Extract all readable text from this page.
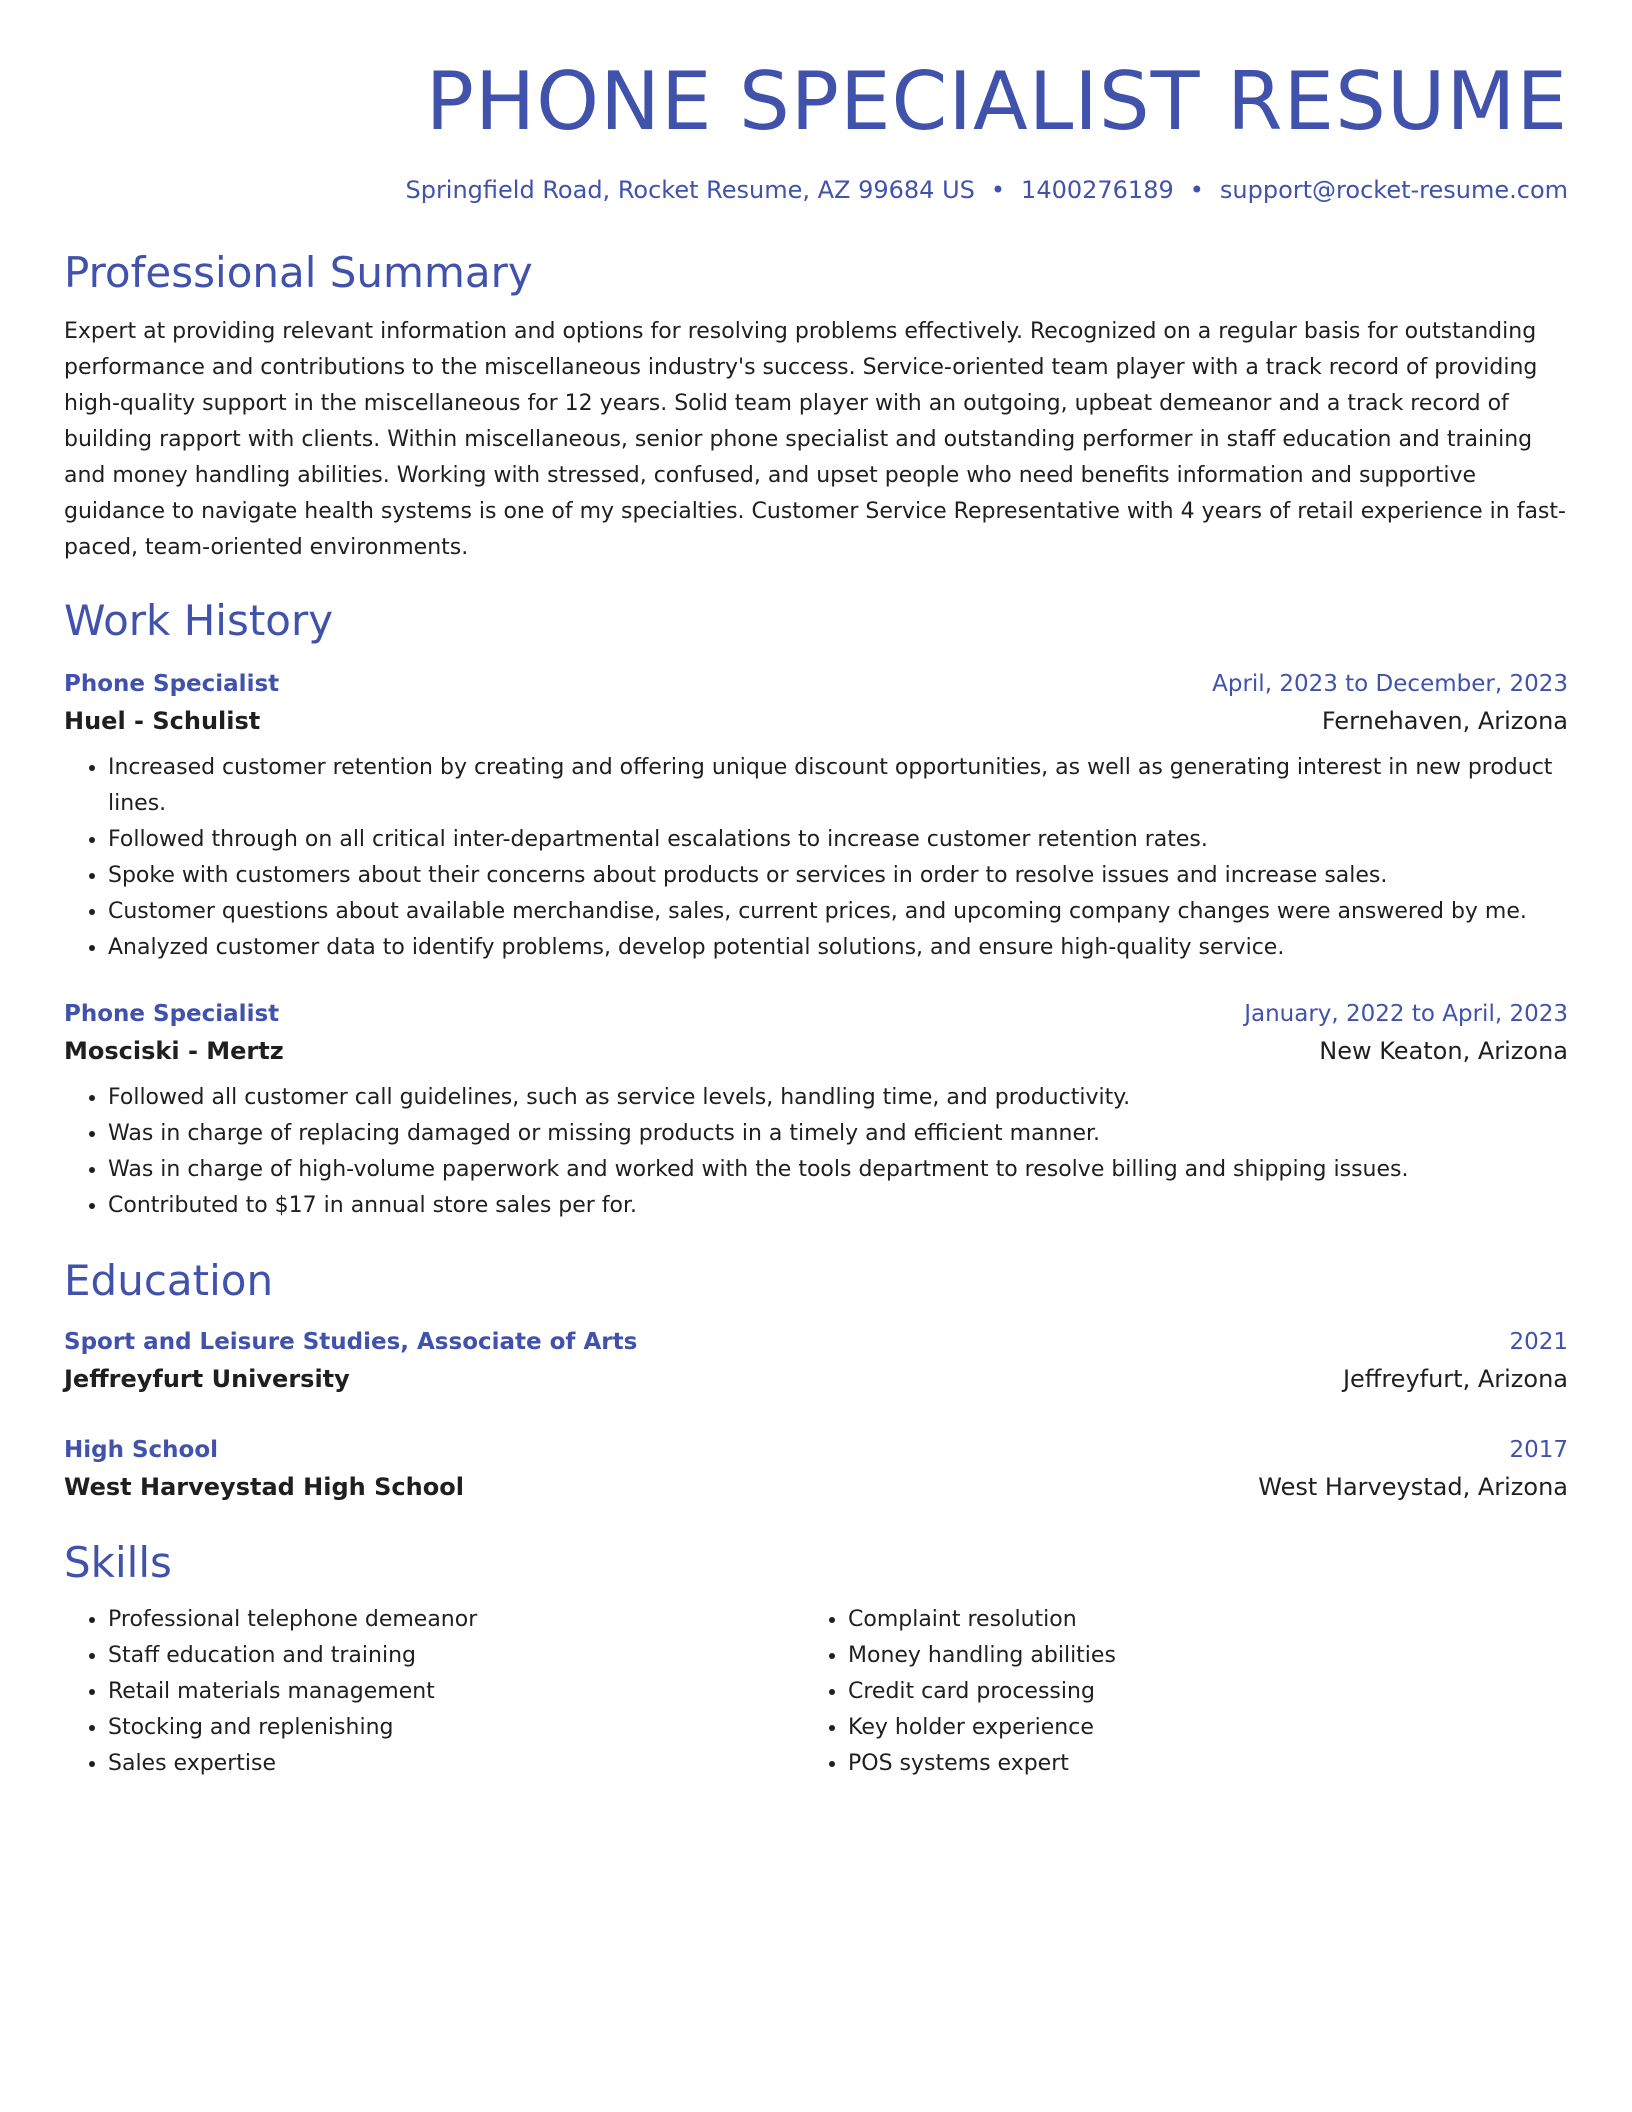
PHONE SPECIALIST RESUME
Springfield Road, Rocket Resume, AZ 99684 US • 1400276189 • support@rocket-resume.com
Professional Summary

Expert at providing relevant information and options for resolving problems effectively. Recognized on a regular basis for outstanding performance and contributions to the miscellaneous industry's success. Service-oriented team player with a track record of providing high-quality support in the miscellaneous for 12 years. Solid team player with an outgoing, upbeat demeanor and a track record of building rapport with clients. Within miscellaneous, senior phone specialist and outstanding performer in staff education and training and money handling abilities. Working with stressed, confused, and upset people who need benefits information and supportive guidance to navigate health systems is one of my specialties. Customer Service Representative with 4 years of retail experience in fast-paced, team-oriented environments.

Work History
Phone Specialist	April, 2023 to December, 2023
Huel - Schulist	Fernehaven, Arizona
• Increased customer retention by creating and offering unique discount opportunities, as well as generating interest in new product lines.
• Followed through on all critical inter-departmental escalations to increase customer retention rates.
• Spoke with customers about their concerns about products or services in order to resolve issues and increase sales.
• Customer questions about available merchandise, sales, current prices, and upcoming company changes were answered by me.
• Analyzed customer data to identify problems, develop potential solutions, and ensure high-quality service.
Phone Specialist	January, 2022 to April, 2023
Mosciski - Mertz	New Keaton, Arizona
• Followed all customer call guidelines, such as service levels, handling time, and productivity.
• Was in charge of replacing damaged or missing products in a timely and efficient manner.
• Was in charge of high-volume paperwork and worked with the tools department to resolve billing and shipping issues.
• Contributed to $17 in annual store sales per for.
Education
Sport and Leisure Studies, Associate of Arts	2021
Jeffreyfurt University	Jeffreyfurt, Arizona
High School	2017
West Harveystad High School	West Harveystad, Arizona
Skills
• Professional telephone demeanor
• Staff education and training
• Retail materials management
• Stocking and replenishing
• Sales expertise
• Complaint resolution
• Money handling abilities
• Credit card processing
• Key holder experience
• POS systems expert
